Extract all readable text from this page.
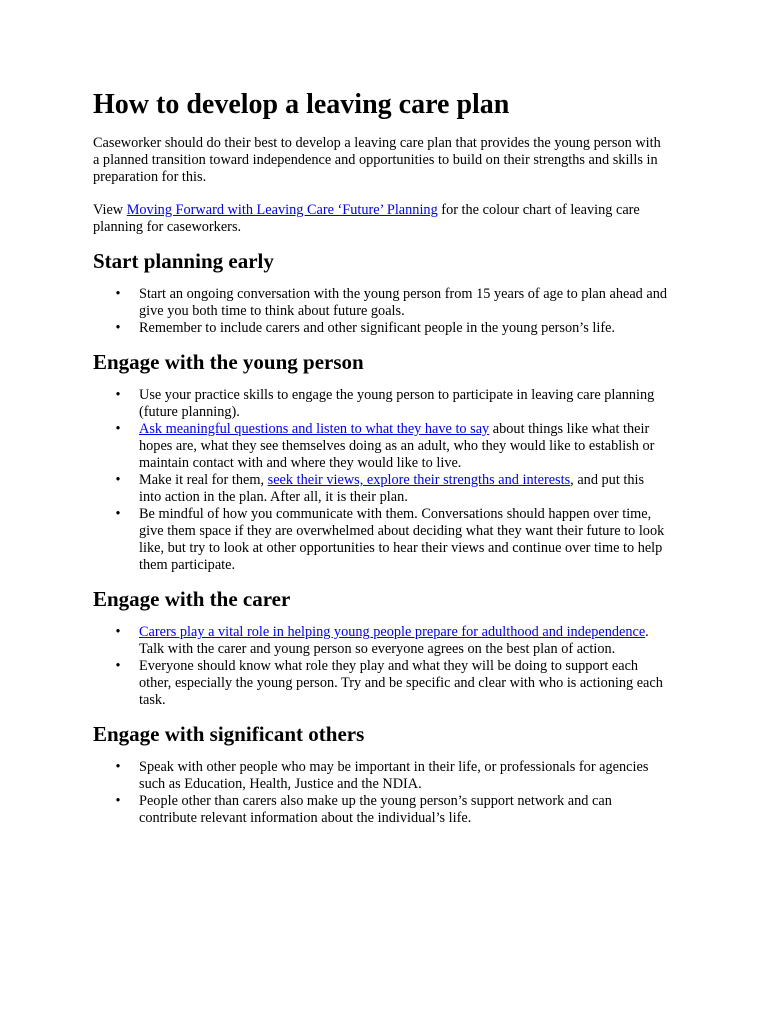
How to develop a leaving care plan

Caseworker should do their best to develop a leaving care plan that provides the young person with a planned transition toward independence and opportunities to build on their strengths and skills in preparation for this.

View Moving Forward with Leaving Care ‘Future’ Planning for the colour chart of leaving care planning for caseworkers.

Start planning early
• Start an ongoing conversation with the young person from 15 years of age to plan ahead and give you both time to think about future goals.
• Remember to include carers and other significant people in the young person’s life.
Engage with the young person
• Use your practice skills to engage the young person to participate in leaving care planning (future planning).
• Ask meaningful questions and listen to what they have to say about things like what their hopes are, what they see themselves doing as an adult, who they would like to establish or maintain contact with and where they would like to live.
• Make it real for them, seek their views, explore their strengths and interests, and put this into action in the plan. After all, it is their plan.
• Be mindful of how you communicate with them. Conversations should happen over time, give them space if they are overwhelmed about deciding what they want their future to look like, but try to look at other opportunities to hear their views and continue over time to help them participate.
Engage with the carer
• Carers play a vital role in helping young people prepare for adulthood and independence. Talk with the carer and young person so everyone agrees on the best plan of action.
• Everyone should know what role they play and what they will be doing to support each other, especially the young person. Try and be specific and clear with who is actioning each task.
Engage with significant others
• Speak with other people who may be important in their life, or professionals for agencies such as Education, Health, Justice and the NDIA.
• People other than carers also make up the young person’s support network and can contribute relevant information about the individual’s life.
